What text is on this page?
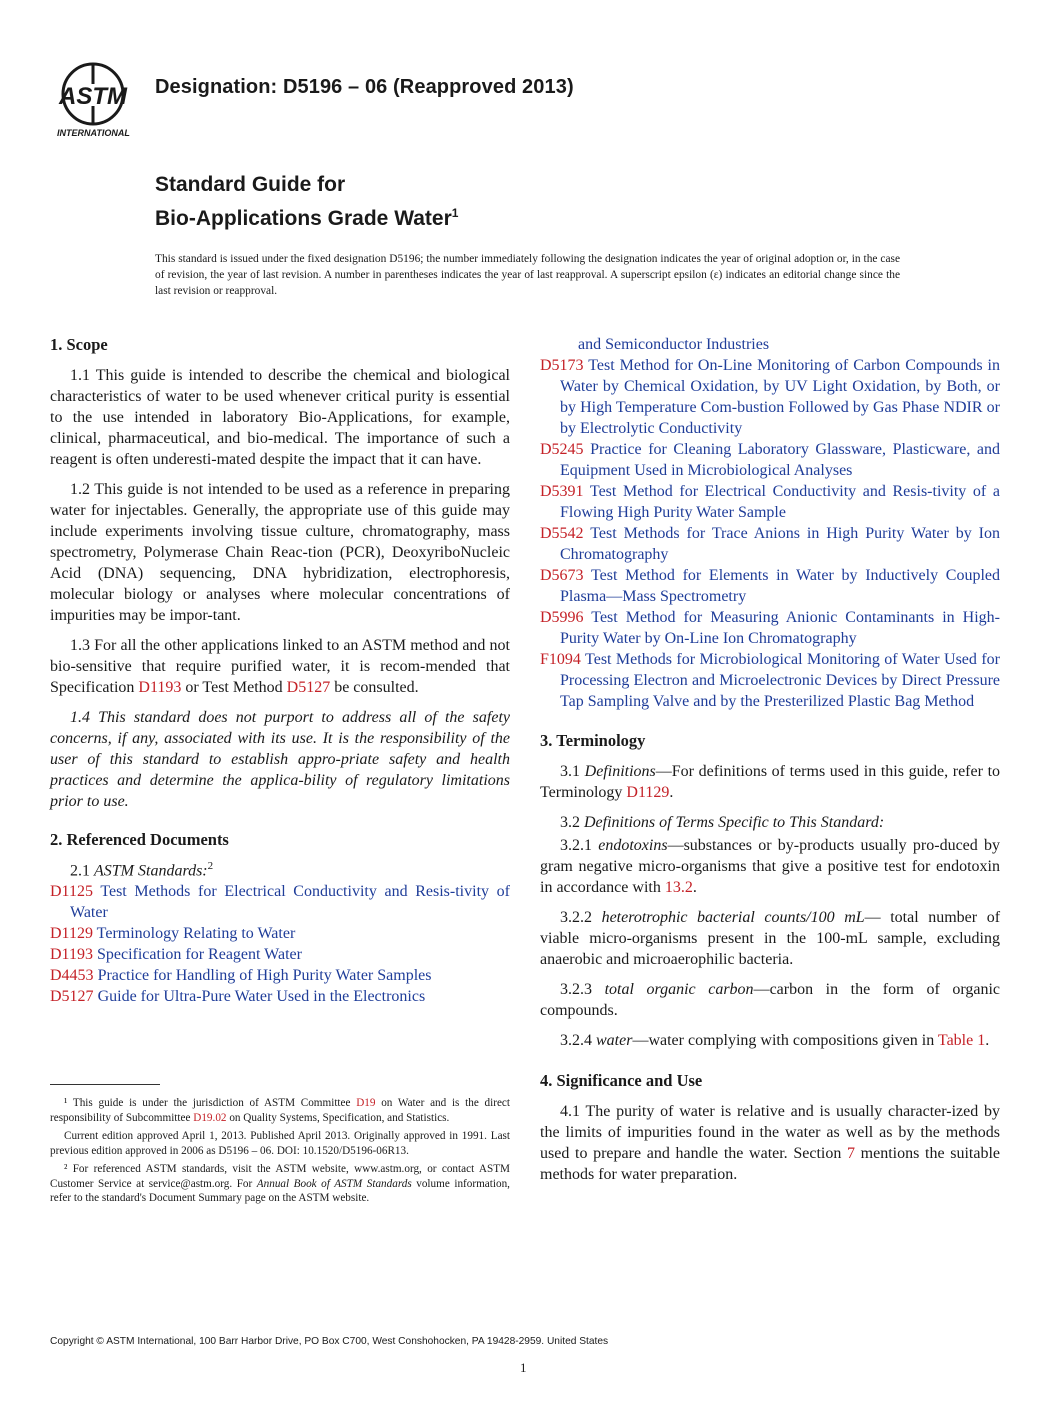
ASTM
INTERNATIONAL
Designation: D5196 – 06 (Reapproved 2013)
Standard Guide for
Bio-Applications Grade Water$^1$
This standard is issued under the fixed designation D5196; the number immediately following the designation indicates the year of original adoption or, in the case of revision, the year of last revision. A number in parentheses indicates the year of last reapproval. A superscript epsilon (ε) indicates an editorial change since the last revision or reapproval.
1. Scope

1.1 This guide is intended to describe the chemical and biological characteristics of water to be used whenever critical purity is essential to the use intended in laboratory Bio-Applications, for example, clinical, pharmaceutical, and bio-medical. The importance of such a reagent is often underesti-mated despite the impact that it can have.

1.2 This guide is not intended to be used as a reference in preparing water for injectables. Generally, the appropriate use of this guide may include experiments involving tissue culture, chromatography, mass spectrometry, Polymerase Chain Reac-tion (PCR), DeoxyriboNucleic Acid (DNA) sequencing, DNA hybridization, electrophoresis, molecular biology or analyses where molecular concentrations of impurities may be impor-tant.

1.3 For all the other applications linked to an ASTM method and not bio-sensitive that require purified water, it is recom-mended that Specification D1193 or Test Method D5127 be consulted.

1.4 This standard does not purport to address all of the safety concerns, if any, associated with its use. It is the responsibility of the user of this standard to establish appro-priate safety and health practices and determine the applica-bility of regulatory limitations prior to use.

2. Referenced Documents
2.1 ASTM Standards:$^2$
D1125 Test Methods for Electrical Conductivity and Resis-tivity of Water
D1129 Terminology Relating to Water
D1193 Specification for Reagent Water
D4453 Practice for Handling of High Purity Water Samples
D5127 Guide for Ultra-Pure Water Used in the Electronics

¹ This guide is under the jurisdiction of ASTM Committee D19 on Water and is the direct responsibility of Subcommittee D19.02 on Quality Systems, Specification, and Statistics.

Current edition approved April 1, 2013. Published April 2013. Originally approved in 1991. Last previous edition approved in 2006 as D5196 – 06. DOI: 10.1520/D5196-06R13.

² For referenced ASTM standards, visit the ASTM website, www.astm.org, or contact ASTM Customer Service at service@astm.org. For Annual Book of ASTM Standards volume information, refer to the standard's Document Summary page on the ASTM website.

and Semiconductor Industries
D5173 Test Method for On-Line Monitoring of Carbon Compounds in Water by Chemical Oxidation, by UV Light Oxidation, by Both, or by High Temperature Com-bustion Followed by Gas Phase NDIR or by Electrolytic Conductivity
D5245 Practice for Cleaning Laboratory Glassware, Plasticware, and Equipment Used in Microbiological Analyses
D5391 Test Method for Electrical Conductivity and Resis-tivity of a Flowing High Purity Water Sample
D5542 Test Methods for Trace Anions in High Purity Water by Ion Chromatography
D5673 Test Method for Elements in Water by Inductively Coupled Plasma—Mass Spectrometry
D5996 Test Method for Measuring Anionic Contaminants in High-Purity Water by On-Line Ion Chromatography
F1094 Test Methods for Microbiological Monitoring of Water Used for Processing Electron and Microelectronic Devices by Direct Pressure Tap Sampling Valve and by the Presterilized Plastic Bag Method
3. Terminology

3.1 Definitions—For definitions of terms used in this guide, refer to Terminology D1129.

3.2 Definitions of Terms Specific to This Standard:

3.2.1 endotoxins—substances or by-products usually pro-duced by gram negative micro-organisms that give a positive test for endotoxin in accordance with 13.2.

3.2.2 heterotrophic bacterial counts/100 mL— total number of viable micro-organisms present in the 100-mL sample, excluding anaerobic and microaerophilic bacteria.

3.2.3 total organic carbon—carbon in the form of organic compounds.

3.2.4 water—water complying with compositions given in Table 1.

4. Significance and Use

4.1 The purity of water is relative and is usually character-ized by the limits of impurities found in the water as well as by the methods used to prepare and handle the water. Section 7 mentions the suitable methods for water preparation.

Copyright © ASTM International, 100 Barr Harbor Drive, PO Box C700, West Conshohocken, PA 19428-2959. United States
1
